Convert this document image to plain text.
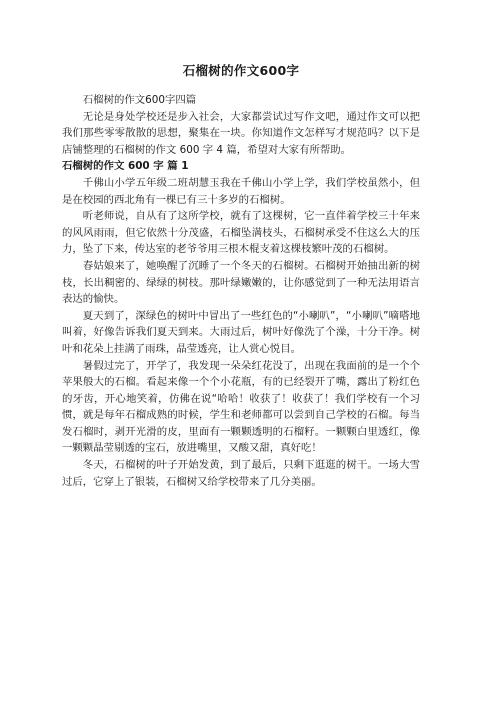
石榴树的作文600字

石榴树的作文600字四篇

无论是身处学校还是步入社会，大家都尝试过写作文吧，通过作文可以把我们那些零零散散的思想，聚集在一块。你知道作文怎样写才规范吗？以下是店铺整理的石榴树的作文 600 字 4 篇，希望对大家有所帮助。

石榴树的作文 600 字 篇 1

千佛山小学五年级二班胡慧玉我在千佛山小学上学，我们学校虽然小，但是在校园的西北角有一棵已有三十多岁的石榴树。

听老师说，自从有了这所学校，就有了这棵树，它一直伴着学校三十年来的风风雨雨，但它依然十分茂盛，石榴坠满枝头，石榴树承受不住这么大的压力，坠了下来，传达室的老爷爷用三根木棍支着这棵枝繁叶茂的石榴树。

春姑娘来了，她唤醒了沉睡了一个冬天的石榴树。石榴树开始抽出新的树枝，长出稠密的、绿绿的树枝。那叶绿嫩嫩的，让你感觉到了一种无法用语言表达的愉快。

夏天到了，深绿色的树叶中冒出了一些红色的“小喇叭”，“小喇叭”嘀嗒地叫着，好像告诉我们夏天到来。大雨过后，树叶好像洗了个澡，十分干净。树叶和花朵上挂满了雨珠，晶莹透亮，让人赏心悦目。

暑假过完了，开学了，我发现一朵朵红花没了，出现在我面前的是一个个苹果般大的石榴。看起来像一个个小花瓶，有的已经裂开了嘴，露出了粉红色的牙齿，开心地笑着，仿佛在说“哈哈！收获了！收获了！我们学校有一个习惯，就是每年石榴成熟的时候，学生和老师都可以尝到自己学校的石榴。每当发石榴时，剥开光滑的皮，里面有一颗颗透明的石榴籽。一颗颗白里透红，像一颗颗晶莹剔透的宝石，放进嘴里，又酸又甜，真好吃！

冬天，石榴树的叶子开始发黄，到了最后，只剩下逛逛的树干。一场大雪过后，它穿上了银装，石榴树又给学校带来了几分美丽。
